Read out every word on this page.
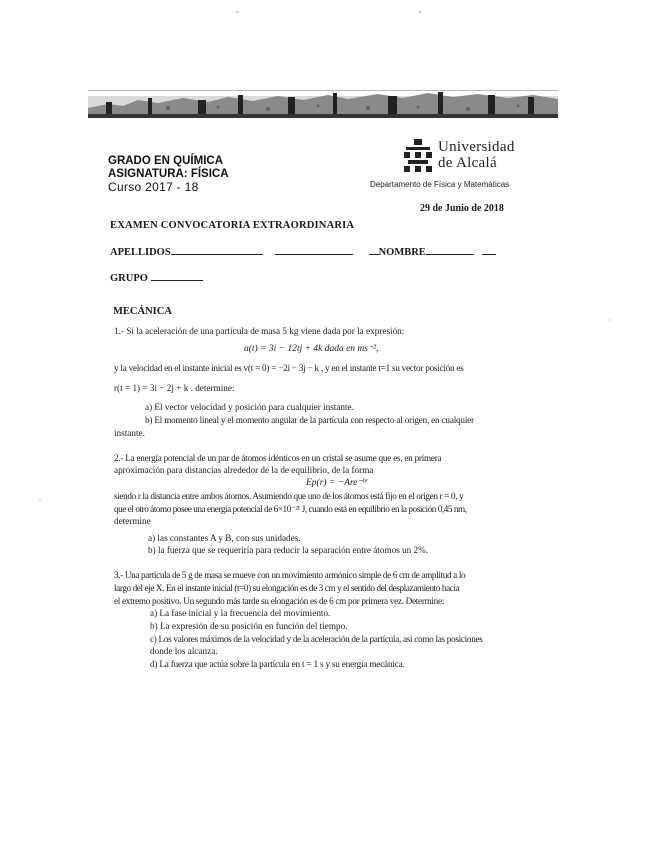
GRADO EN QUÍMICA
ASIGNATURA: FÍSICA
Curso 2017 - 18
Universidad
de Alcalá
Departamento de Física y Matemáticas
29 de Junio de 2018
EXAMEN CONVOCATORIA EXTRAORDINARIA
APELLIDOS	NOMBRE
GRUPO
MECÁNICA
1.- Si la aceleración de una partícula de masa 5 kg viene dada por la expresión:
a(t) = 3i − 12tj + 4k dada en ms⁻²,
y la velocidad en el instante inicial es v(t = 0) = −2i − 3j − k , y en el instante t=1 su vector posición es
r(t = 1) = 3i − 2j + k . determine:
a) El vector velocidad y posición para cualquier instante.
b) El momento lineal y el momento angular de la partícula con respecto al origen, en cualquier
instante.
2.- La energía potencial de un par de átomos idénticos en un cristal se asume que es, en primera
aproximación para distancias alrededor de la de equilibrio, de la forma
Ep(r) = −Are⁻ᵇʳ
siendo r la distancia entre ambos átomos. Asumiendo que uno de los átomos está fijo en el origen r = 0, y
que el otro átomo posee una energía potencial de 6×10⁻²¹ J, cuando está en equilibrio en la posición 0,45 nm,
determine
a) las constantes A y B, con sus unidades.
b) la fuerza que se requeriría para reducir la separación entre átomos un 2%.
3.- Una partícula de 5 g de masa se mueve con un movimiento armónico simple de 6 cm de amplitud a lo
largo del eje X. En el instante inicial (t=0) su elongación es de 3 cm y el sentido del desplazamiento hacia
el extremo positivo. Un segundo más tarde su elongación es de 6 cm por primera vez. Determine:
a) La fase inicial y la frecuencia del movimiento.
b) La expresión de su posición en función del tiempo.
c) Los valores máximos de la velocidad y de la aceleración de la partícula, así como las posiciones
donde los alcanza.
d) La fuerza que actúa sobre la partícula en t = 1 s y su energía mecánica.
